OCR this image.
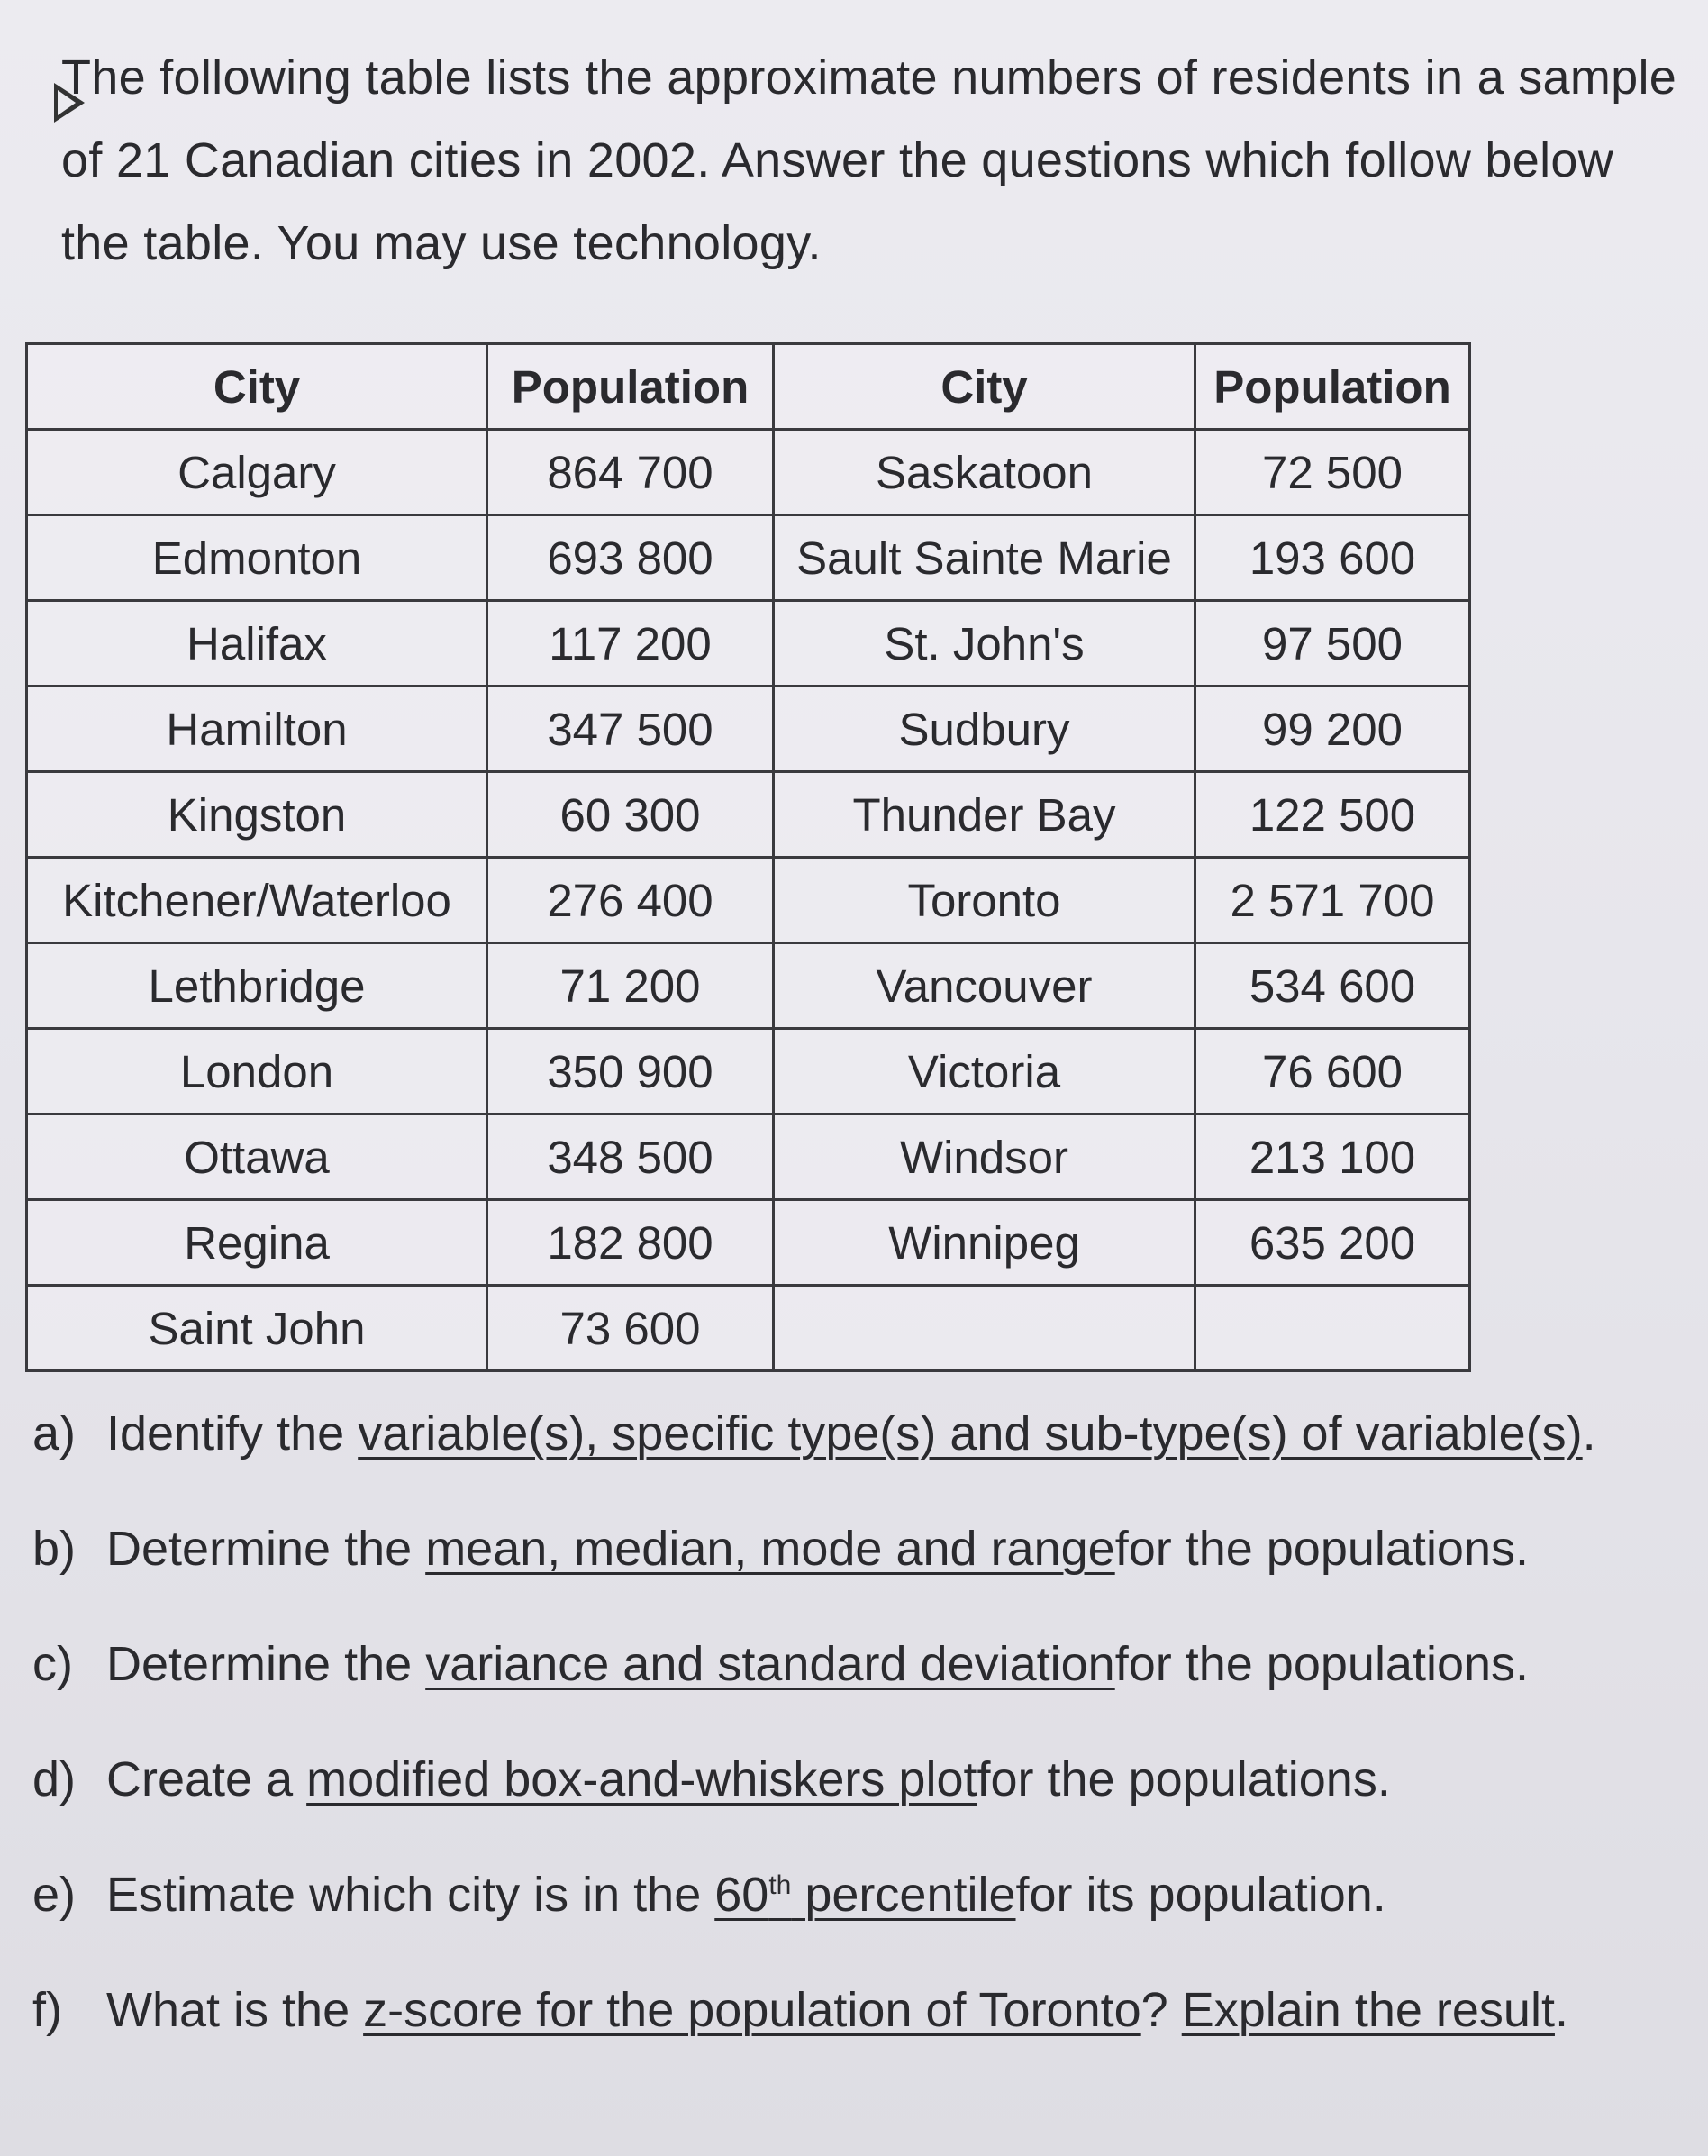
The following table lists the approximate numbers of residents in a sample
of 21 Canadian cities in 2002. Answer the questions which follow below
the table. You may use technology.
City	Population	City	Population
Calgary	864 700	Saskatoon	72 500
Edmonton	693 800	Sault Sainte Marie	193 600
Halifax	117 200	St. John's	97 500
Hamilton	347 500	Sudbury	99 200
Kingston	60 300	Thunder Bay	122 500
Kitchener/Waterloo	276 400	Toronto	2 571 700
Lethbridge	71 200	Vancouver	534 600
London	350 900	Victoria	76 600
Ottawa	348 500	Windsor	213 100
Regina	182 800	Winnipeg	635 200
Saint John	73 600		
a) Identify the
variable(s), specific type(s) and sub-type(s) of variable(s) .
b) Determine the
mean, median, mode and range for the populations.
c) Determine the
variance and standard deviation for the populations.
d) Create a
modified box-and-whiskers plot for the populations.
e) Estimate which city is in the
60th percentile for its population.
f) What is the
z-score for the population of Toronto ?
Explain the result .
